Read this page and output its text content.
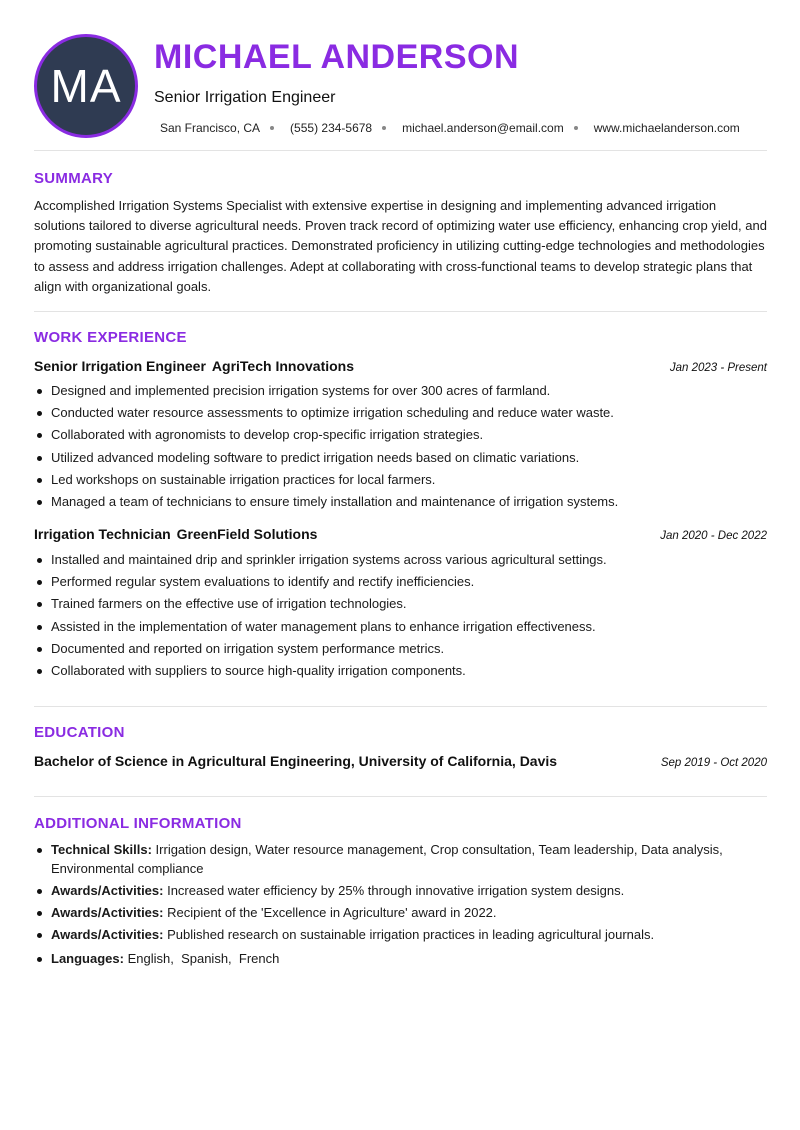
MA
MICHAEL ANDERSON
Senior Irrigation Engineer
San Francisco, CA	(555) 234-5678	michael.anderson@email.com	www.michaelanderson.com
SUMMARY

Accomplished Irrigation Systems Specialist with extensive expertise in designing and implementing advanced irrigation solutions tailored to diverse agricultural needs. Proven track record of optimizing water use efficiency, enhancing crop yield, and promoting sustainable agricultural practices. Demonstrated proficiency in utilizing cutting-edge technologies and methodologies to assess and address irrigation challenges. Adept at collaborating with cross-functional teams to develop strategic plans that align with organizational goals.

WORK EXPERIENCE
Senior Irrigation Engineer AgriTech Innovations	Jan 2023 - Present
Designed and implemented precision irrigation systems for over 300 acres of farmland.
Conducted water resource assessments to optimize irrigation scheduling and reduce water waste.
Collaborated with agronomists to develop crop-specific irrigation strategies.
Utilized advanced modeling software to predict irrigation needs based on climatic variations.
Led workshops on sustainable irrigation practices for local farmers.
Managed a team of technicians to ensure timely installation and maintenance of irrigation systems.
Irrigation Technician GreenField Solutions	Jan 2020 - Dec 2022
Installed and maintained drip and sprinkler irrigation systems across various agricultural settings.
Performed regular system evaluations to identify and rectify inefficiencies.
Trained farmers on the effective use of irrigation technologies.
Assisted in the implementation of water management plans to enhance irrigation effectiveness.
Documented and reported on irrigation system performance metrics.
Collaborated with suppliers to source high-quality irrigation components.
EDUCATION
Bachelor of Science in Agricultural Engineering, University of California, Davis	Sep 2019 - Oct 2020
ADDITIONAL INFORMATION
Technical Skills: Irrigation design, Water resource management, Crop consultation, Team leadership, Data analysis, Environmental compliance
Awards/Activities: Increased water efficiency by 25% through innovative irrigation system designs.
Awards/Activities: Recipient of the 'Excellence in Agriculture' award in 2022.
Awards/Activities: Published research on sustainable irrigation practices in leading agricultural journals.
Languages: English,  Spanish,  French
